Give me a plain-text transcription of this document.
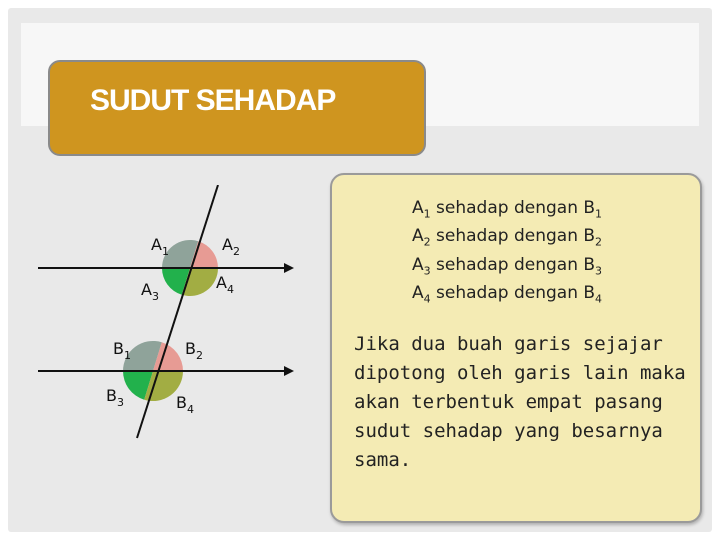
SUDUT SEHADAP
$A_1$	$A_2$
$A_3$
$A_4$
$B_1$	$B_2$
$B_3$	$B_4$
$A_1$ sehadap dengan $B_1$
$A_2$ sehadap dengan $B_2$
$A_3$ sehadap dengan $B_3$
$A_4$ sehadap dengan $B_4$

Jika dua buah garis sejajar dipotong oleh garis lain maka akan terbentuk empat pasang sudut sehadap yang besarnya sama.
